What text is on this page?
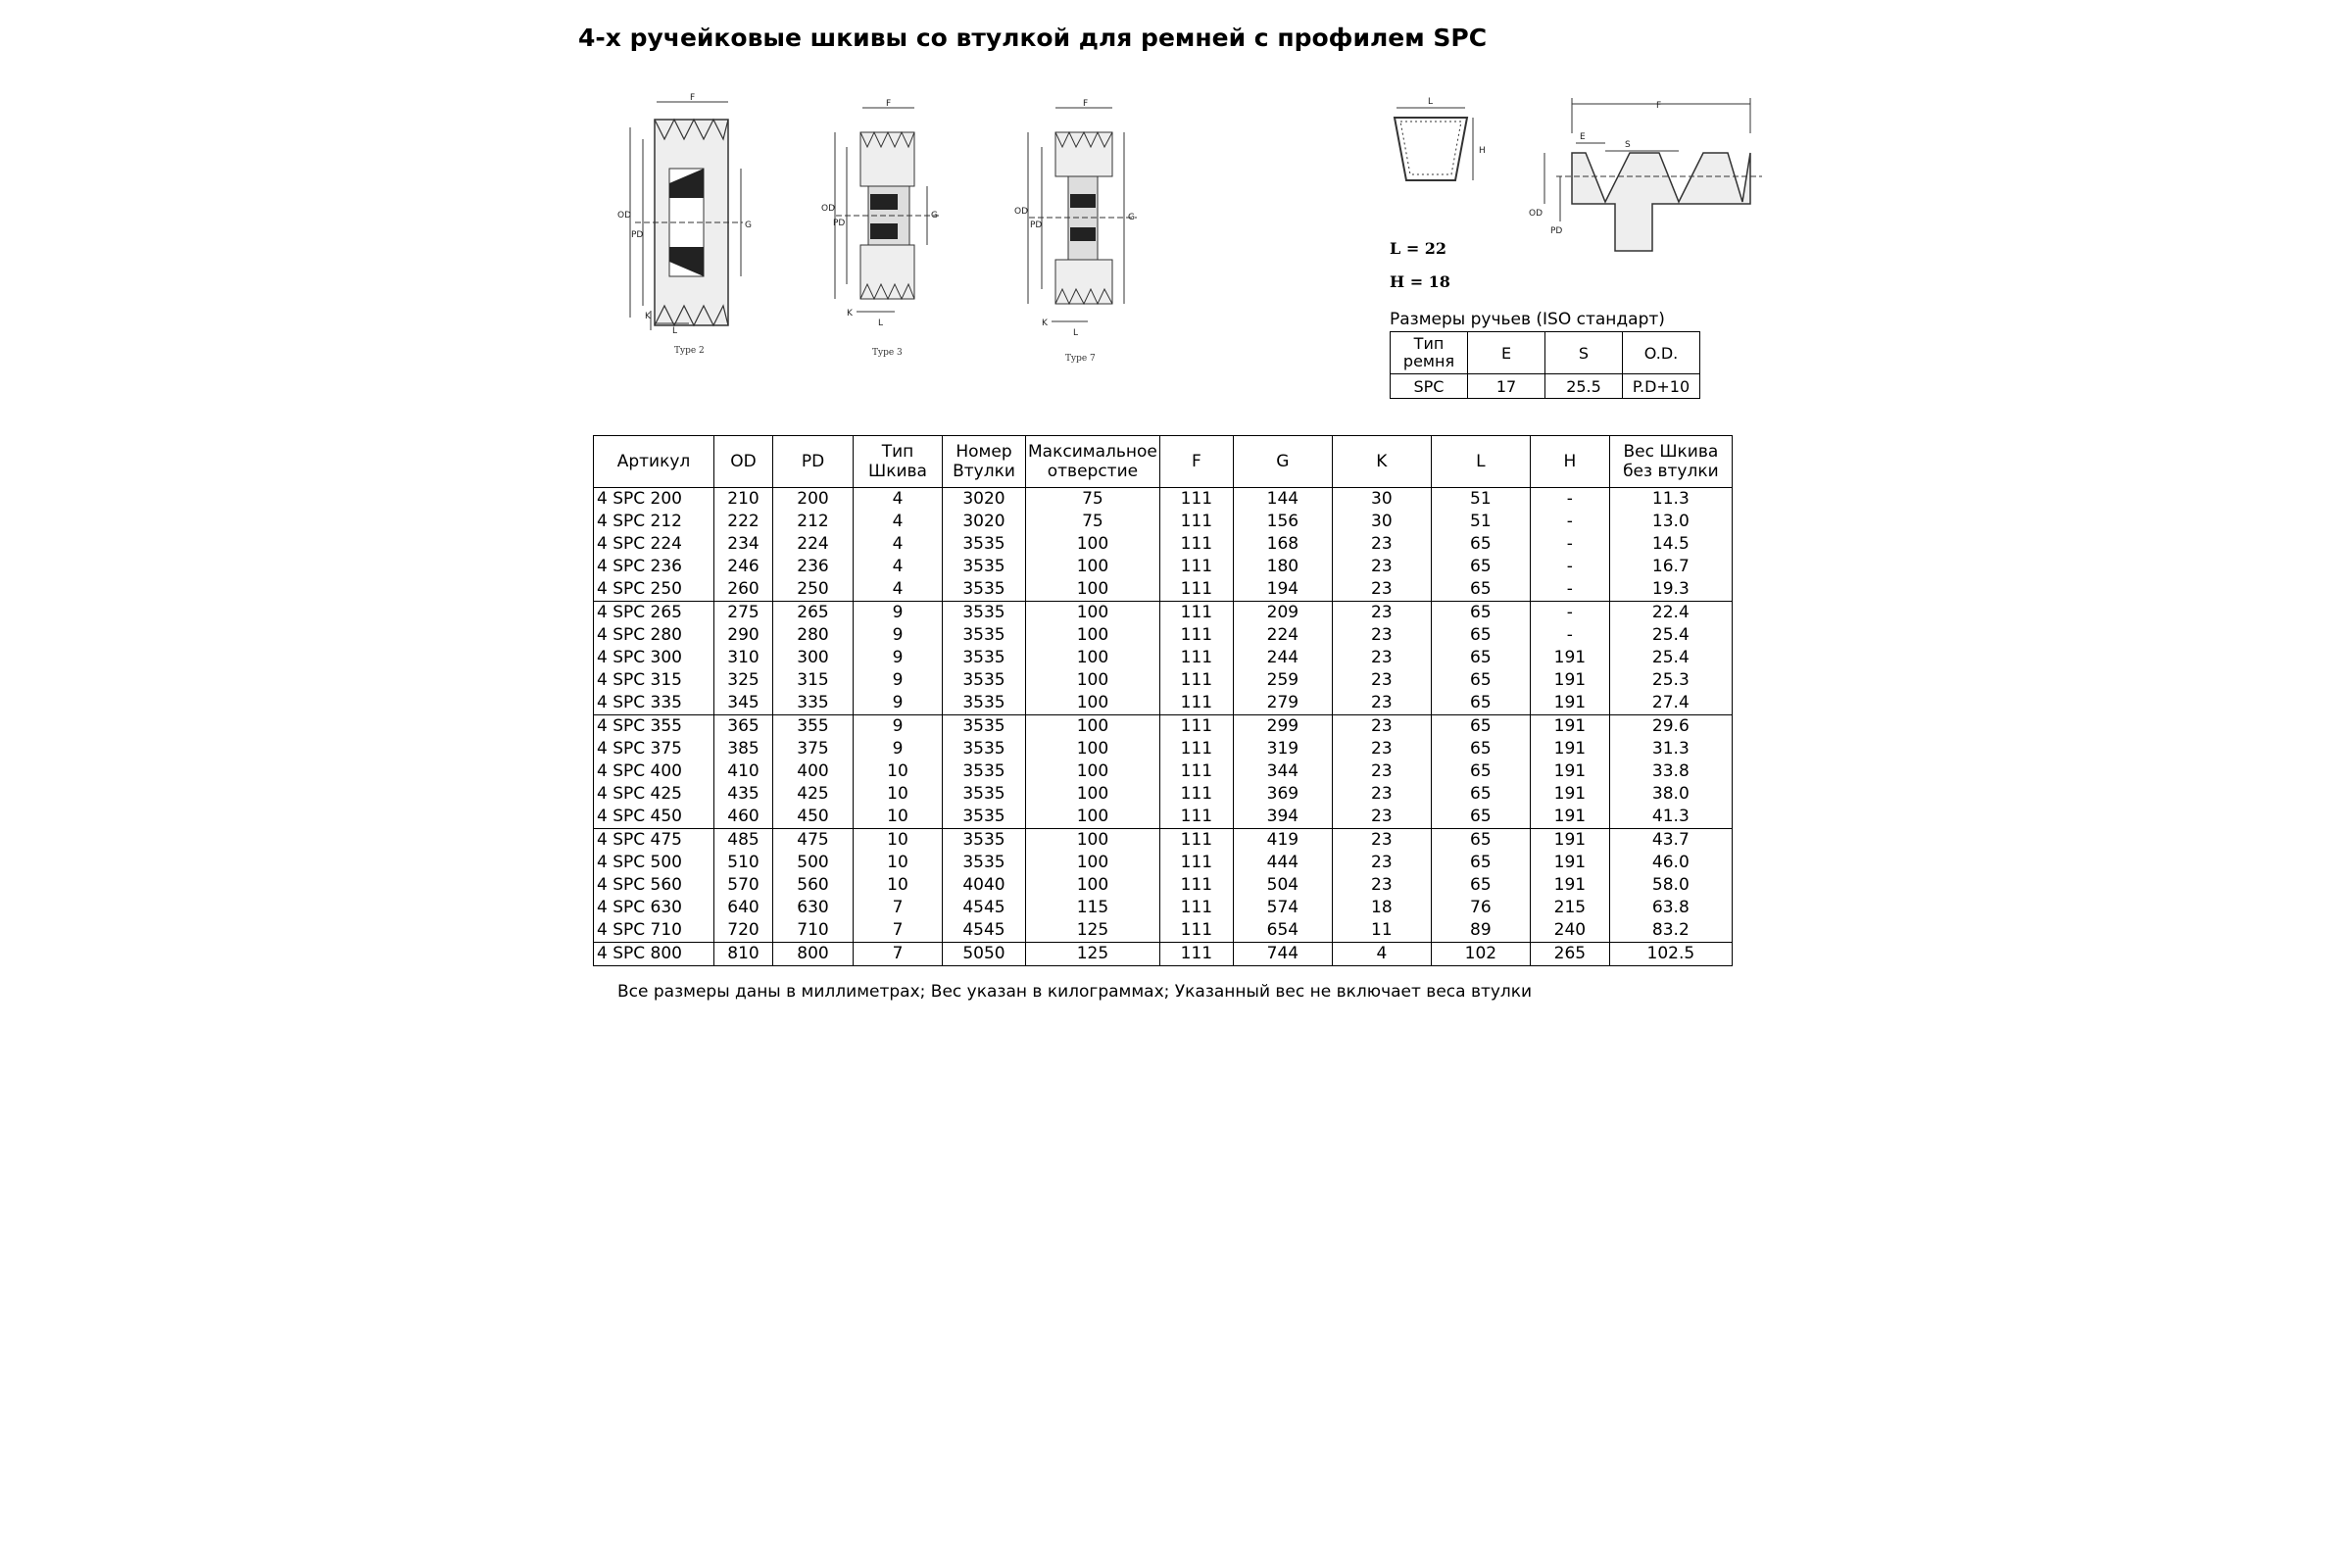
4-х ручейковые шкивы со втулкой для ремней с профилем SPC
F
OD
PD
G
K
L
Type 2
F
OD
PD
G
K
L
Type 3
F
OD
PD
G
K
L
Type 7
L
H
F
E
S
OD
PD
L = 22
H = 18
Размеры ручьев (ISO стандарт)
Тип ремня	E	S	O.D.
SPC	17	25.5	P.D+10
Артикул	OD	PD	Тип Шкива	Номер Втулки	Максимальное отверстие	F	G	K	L	H	Вес Шкива без втулки
4 SPC 200	210	200	4	3020	75	111	144	30	51	-	11.3
4 SPC 212	222	212	4	3020	75	111	156	30	51	-	13.0
4 SPC 224	234	224	4	3535	100	111	168	23	65	-	14.5
4 SPC 236	246	236	4	3535	100	111	180	23	65	-	16.7
4 SPC 250	260	250	4	3535	100	111	194	23	65	-	19.3
4 SPC 265	275	265	9	3535	100	111	209	23	65	-	22.4
4 SPC 280	290	280	9	3535	100	111	224	23	65	-	25.4
4 SPC 300	310	300	9	3535	100	111	244	23	65	191	25.4
4 SPC 315	325	315	9	3535	100	111	259	23	65	191	25.3
4 SPC 335	345	335	9	3535	100	111	279	23	65	191	27.4
4 SPC 355	365	355	9	3535	100	111	299	23	65	191	29.6
4 SPC 375	385	375	9	3535	100	111	319	23	65	191	31.3
4 SPC 400	410	400	10	3535	100	111	344	23	65	191	33.8
4 SPC 425	435	425	10	3535	100	111	369	23	65	191	38.0
4 SPC 450	460	450	10	3535	100	111	394	23	65	191	41.3
4 SPC 475	485	475	10	3535	100	111	419	23	65	191	43.7
4 SPC 500	510	500	10	3535	100	111	444	23	65	191	46.0
4 SPC 560	570	560	10	4040	100	111	504	23	65	191	58.0
4 SPC 630	640	630	7	4545	115	111	574	18	76	215	63.8
4 SPC 710	720	710	7	4545	125	111	654	11	89	240	83.2
4 SPC 800	810	800	7	5050	125	111	744	4	102	265	102.5
Все размеры даны в миллиметрах; Вес указан в килограммах; Указанный вес не включает веса втулки
